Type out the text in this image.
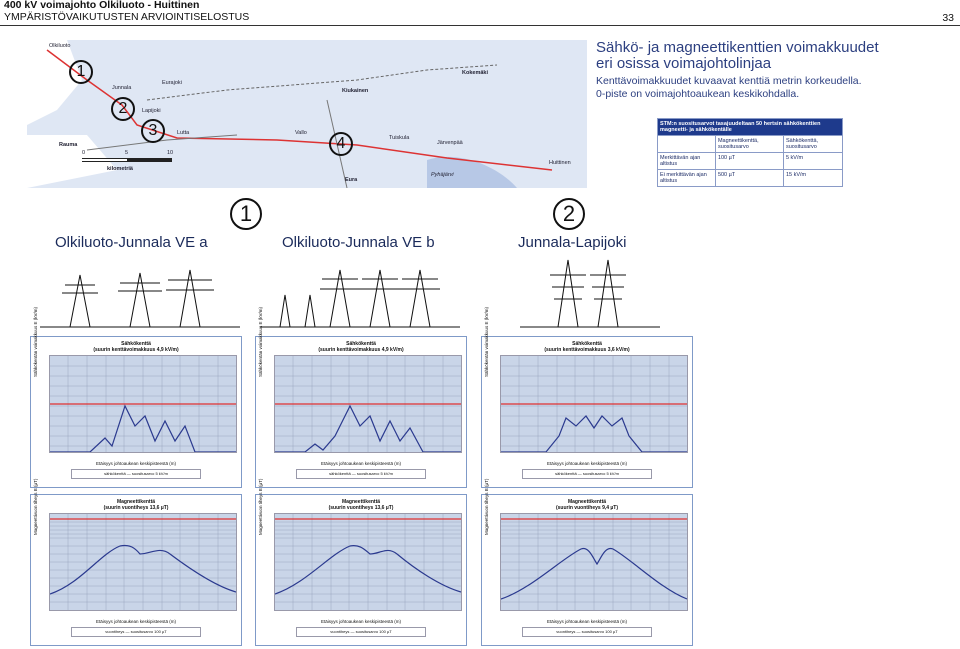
400 kV voimajohto Olkiluoto - Huittinen
YMPÄRISTÖVAIKUTUSTEN ARVIOINTISELOSTUS	33
Olkiluoto
Junnala
Eurajoki
Lapijoki
Lutta
Rauma
Kiukainen
Kokemäki
Vallo
Tuiskula
Järvenpää
Eura
Pyhäjärvi
Huittinen
0	5	10
kilometriä
1
2
3
4
Sähkö- ja magneettikenttien voimakkuudet
eri osissa voimajohtolinjaa
Kenttävoimakkuudet kuvaavat kenttiä metrin korkeudella.
0-piste on voimajohtoaukean keskikohdalla.
STM:n suositusarvot tasajuudeltaan 50 hertsin sähkökenttien magneetti- ja sähkökentälle		
	Magneettikenttä, suositusarvo	Sähkökenttä, suositusarvo
Merkittävän ajan altistus	100 µT	5 kV/m
Ei merkittävän ajan altistus	500 µT	15 kV/m
1	2
Olkiluoto-Junnala VE a	Olkiluoto-Junnala VE b	Junnala-Lapijoki
Sähkökenttä
(suurin kenttävoimakkuus 4,9 kV/m)
Sähkökentän voimakkuus E (kV/m)
Etäisyys johtoaukean keskipisteestä (m)
sähkökenttä — suositusarvo 5 kV/m
Sähkökenttä
(suurin kenttävoimakkuus 4,9 kV/m)
Sähkökentän voimakkuus E (kV/m)
Etäisyys johtoaukean keskipisteestä (m)
sähkökenttä — suositusarvo 5 kV/m
Sähkökenttä
(suurin kenttävoimakkuus 3,6 kV/m)
Sähkökentän voimakkuus E (kV/m)
Etäisyys johtoaukean keskipisteestä (m)
sähkökenttä — suositusarvo 5 kV/m
Magneettikenttä
(suurin vuontiheys 13,6 µT)
Magneettivuon tiheys B (µT)
Etäisyys johtoaukean keskipisteestä (m)
vuontiheys — suositusarvo 100 µT
Magneettikenttä
(suurin vuontiheys 13,6 µT)
Magneettivuon tiheys B (µT)
Etäisyys johtoaukean keskipisteestä (m)
vuontiheys — suositusarvo 100 µT
Magneettikenttä
(suurin vuontiheys 9,4 µT)
Magneettivuon tiheys B (µT)
Etäisyys johtoaukean keskipisteestä (m)
vuontiheys — suositusarvo 100 µT
